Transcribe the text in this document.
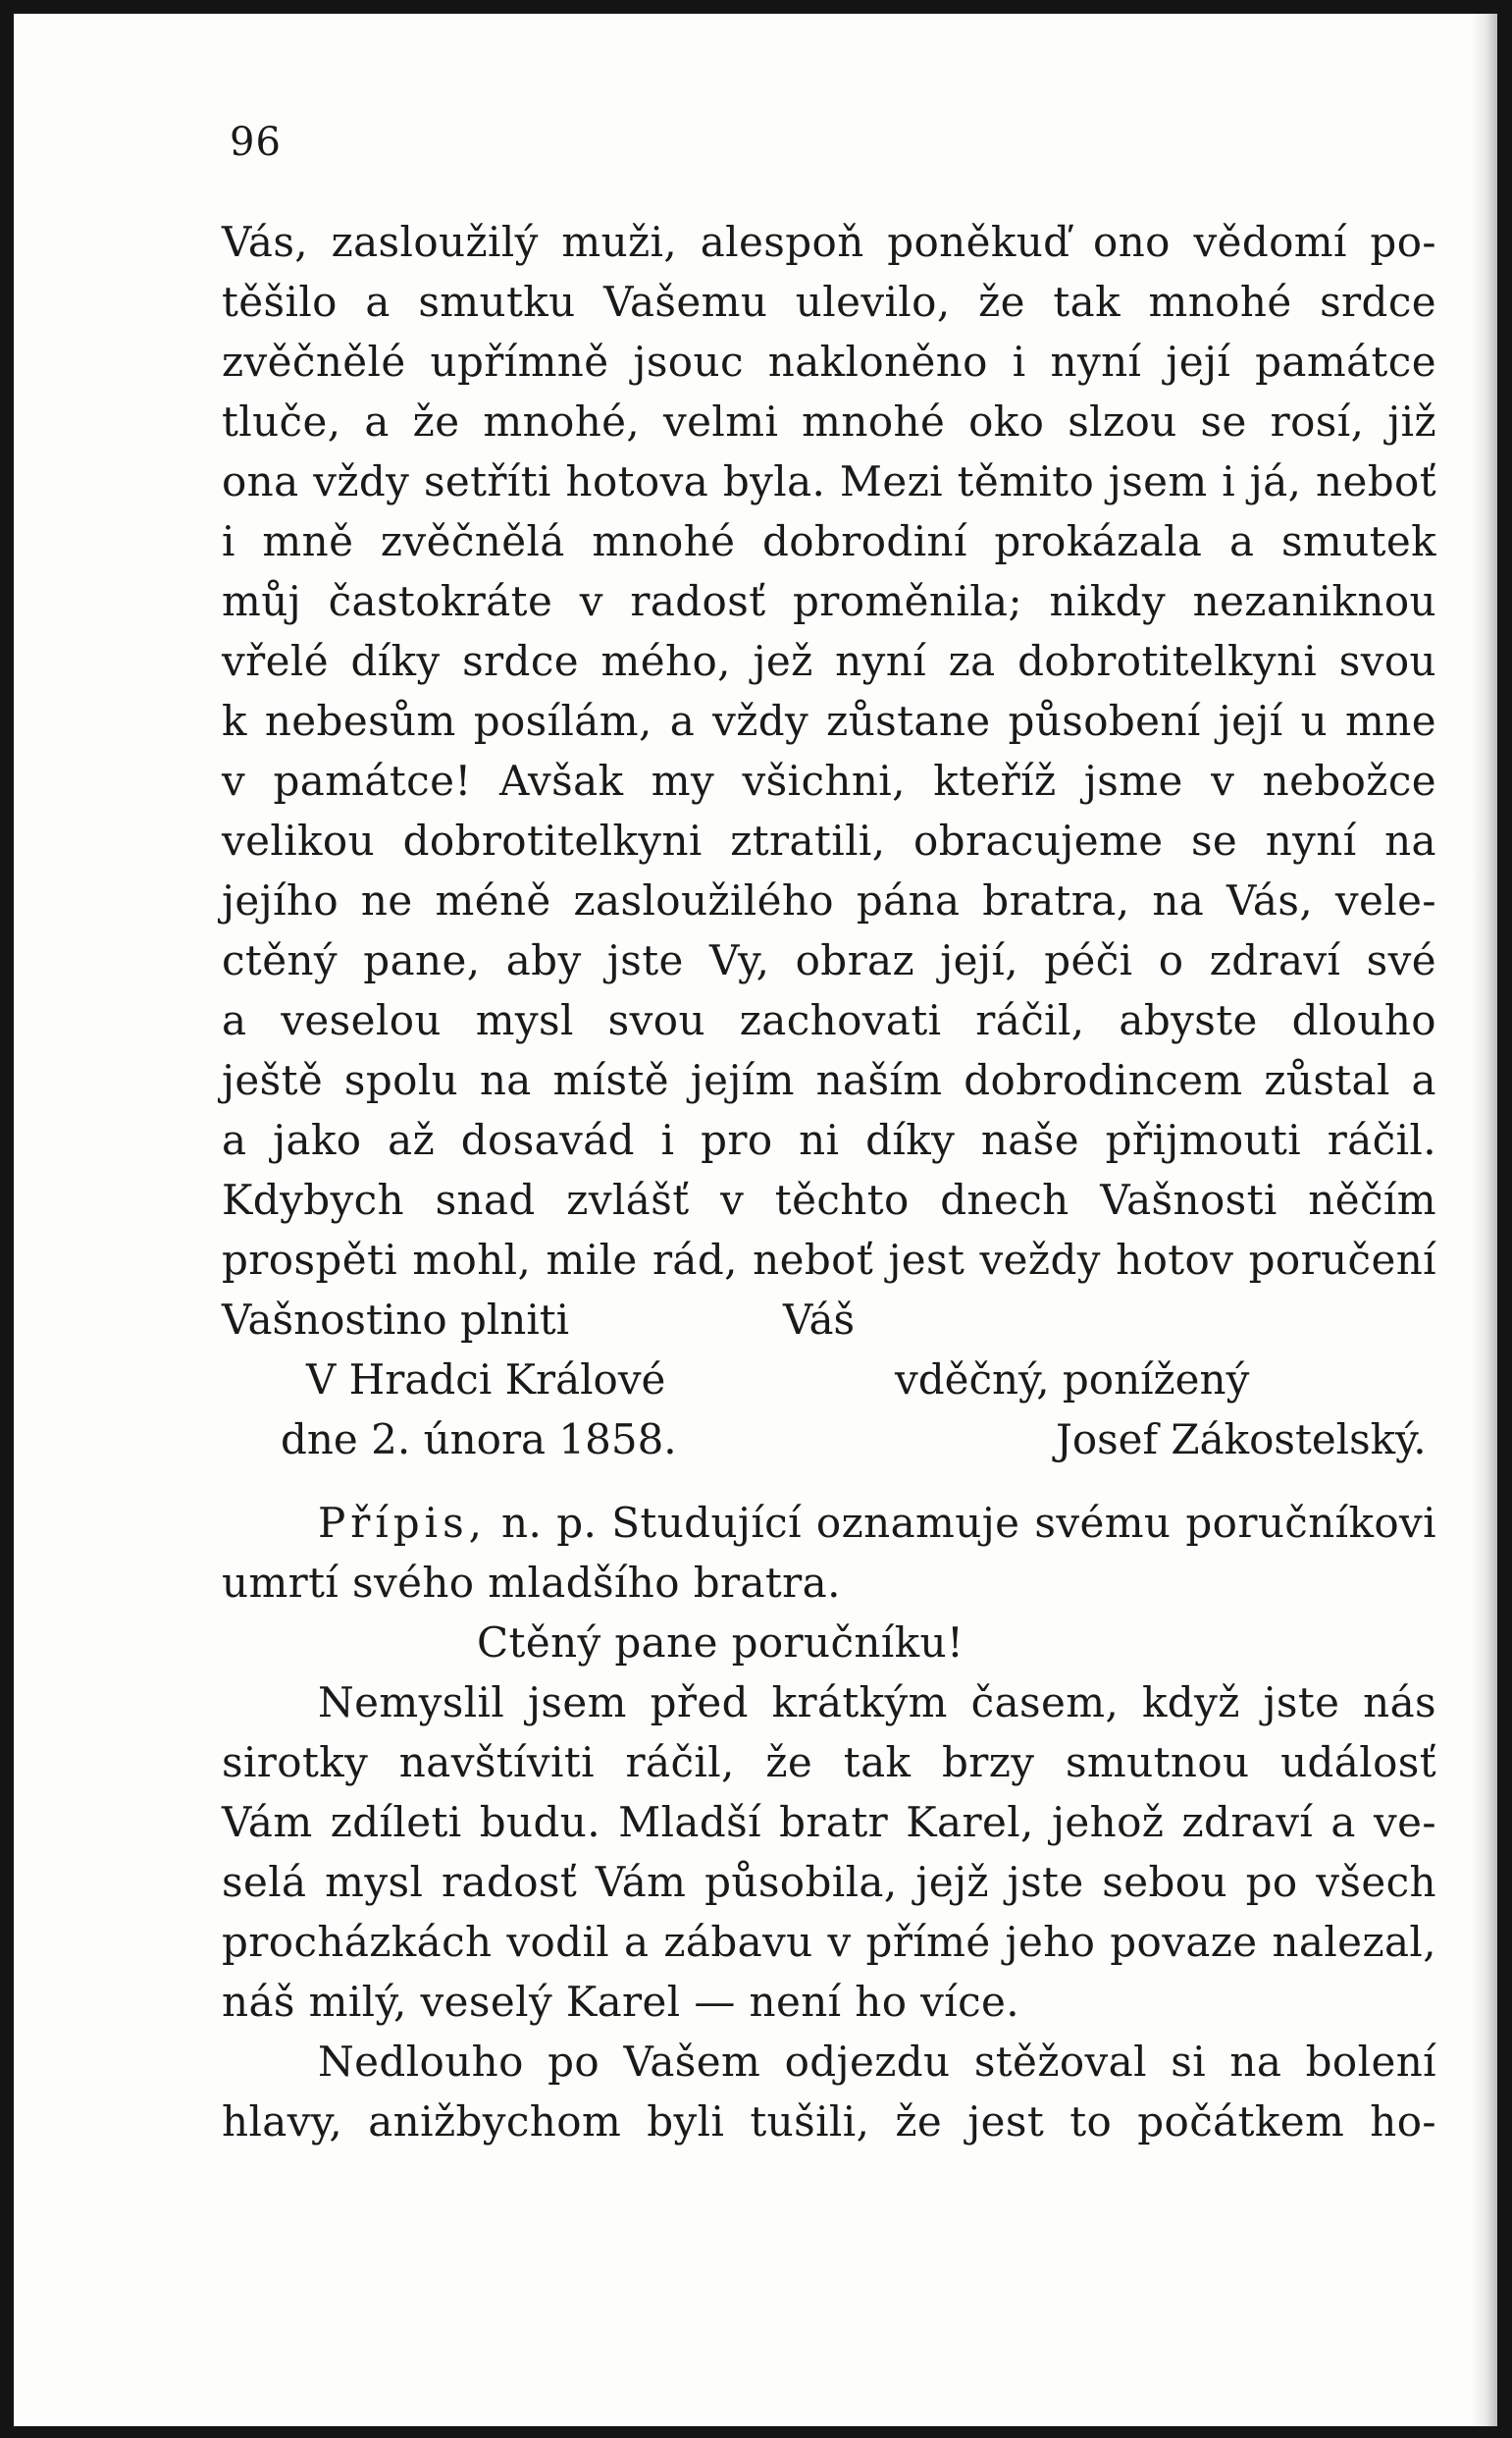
96
Vás, zasloužilý muži, alespoň poněkuď ono vědomí po-
těšilo a smutku Vašemu ulevilo, že tak mnohé srdce
zvěčnělé upřímně jsouc nakloněno i nyní její památce
tluče, a že mnohé, velmi mnohé oko slzou se rosí, již
ona vždy setříti hotova byla. Mezi těmito jsem i já, neboť
i mně zvěčnělá mnohé dobrodiní prokázala a smutek
můj častokráte v radosť proměnila; nikdy nezaniknou
vřelé díky srdce mého, jež nyní za dobrotitelkyni svou
k nebesům posílám, a vždy zůstane působení její u mne
v památce! Avšak my všichni, kteříž jsme v nebožce
velikou dobrotitelkyni ztratili, obracujeme se nyní na
jejího ne méně zasloužilého pána bratra, na Vás, vele-
ctěný pane, aby jste Vy, obraz její, péči o zdraví své
a veselou mysl svou zachovati ráčil, abyste dlouho
ještě spolu na místě jejím naším dobrodincem zůstal a
a jako až dosavád i pro ni díky naše přijmouti ráčil.
Kdybych snad zvlášť v těchto dnech Vašnosti něčím
prospěti mohl, mile rád, neboť jest veždy hotov poručení
Vašnostino plniti	Váš
V Hradci Králové	vděčný, ponížený
dne 2. února 1858.	Josef Zákostelský.
Přípis, n. p. Studující oznamuje svému poručníkovi
umrtí svého mladšího bratra.
Ctěný pane poručníku!
Nemyslil jsem před krátkým časem, když jste nás
sirotky navštíviti ráčil, že tak brzy smutnou událosť
Vám zdíleti budu. Mladší bratr Karel, jehož zdraví a ve-
selá mysl radosť Vám působila, jejž jste sebou po všech
procházkách vodil a zábavu v přímé jeho povaze nalezal,
náš milý, veselý Karel — není ho více.
Nedlouho po Vašem odjezdu stěžoval si na bolení
hlavy, anižbychom byli tušili, že jest to počátkem ho-
